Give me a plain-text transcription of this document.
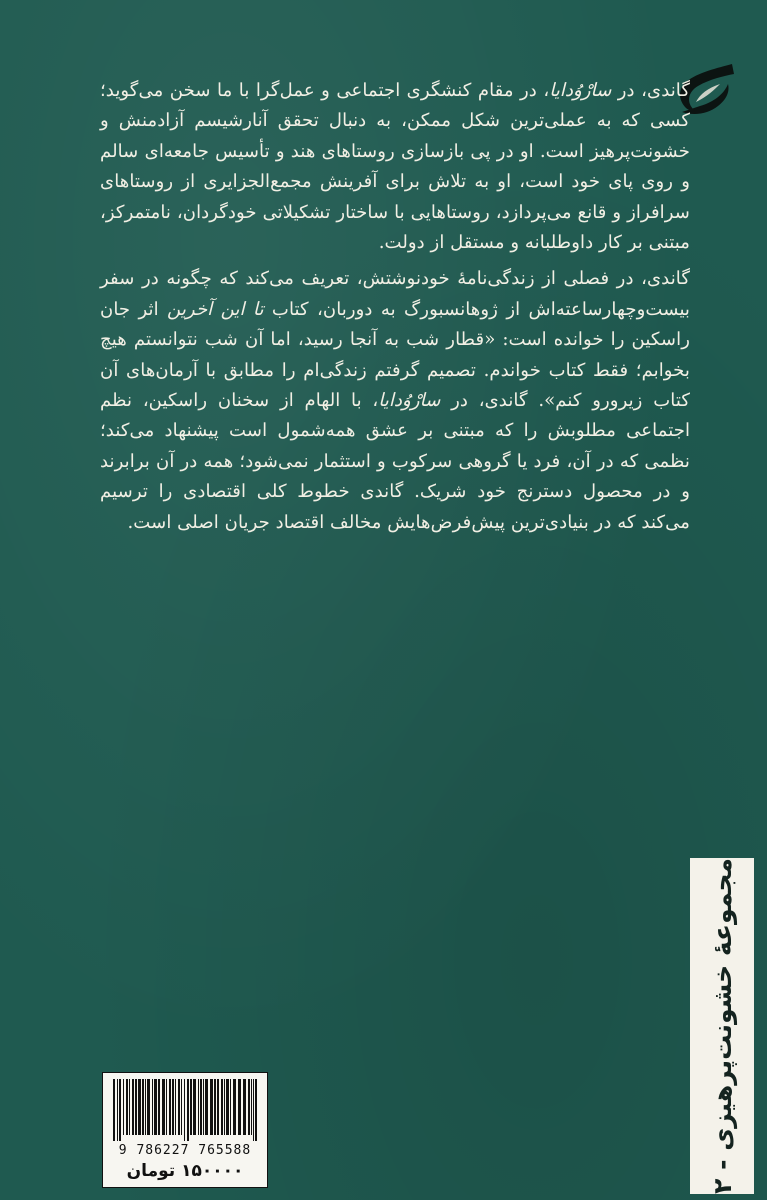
گاندی، در سارْوُدایا، در مقام کنشگری اجتماعی و عمل‌گرا با ما سخن می‌گوید؛ کسی که به عملی‌ترین شکل ممکن، به دنبال تحقق آنارشیسم آزادمنش و خشونت‌پرهیز است. او در پی بازسازی روستاهای هند و تأسیس جامعه‌ای سالم و روی پای خود است، او به تلاش برای آفرینش مجمع‌الجزایری از روستاهای سرافراز و قانع می‌پردازد، روستاهایی با ساختار تشکیلاتی خودگردان، نامتمرکز، مبتنی بر کار داوطلبانه و مستقل از دولت.

گاندی، در فصلی از زندگی‌نامهٔ خودنوشتش، تعریف می‌کند که چگونه در سفر بیست‌وچهارساعته‌اش از ژوهانسبورگ به دوربان، کتاب تا این آخرین اثر جان راسکین را خوانده است: «قطار شب به آنجا رسید، اما آن شب نتوانستم هیچ بخوابم؛ فقط کتاب خواندم. تصمیم گرفتم زندگی‌ام را مطابق با آرمان‌های آن کتاب زیرورو کنم». گاندی، در سارْوُدایا، با الهام از سخنان راسکین، نظم اجتماعی مطلوبش را که مبتنی بر عشق همه‌شمول است پیشنهاد می‌کند؛ نظمی که در آن، فرد یا گروهی سرکوب و استثمار نمی‌شود؛ همه در آن برابرند و در محصول دسترنج خود شریک. گاندی خطوط کلی اقتصادی را ترسیم می‌کند که در بنیادی‌ترین پیش‌فرض‌هایش مخالف اقتصاد جریان اصلی است.

مجموعهٔ خشونت‌پرهیزی - ۲
9 786227 765588
۱۵۰۰۰۰ تومان
